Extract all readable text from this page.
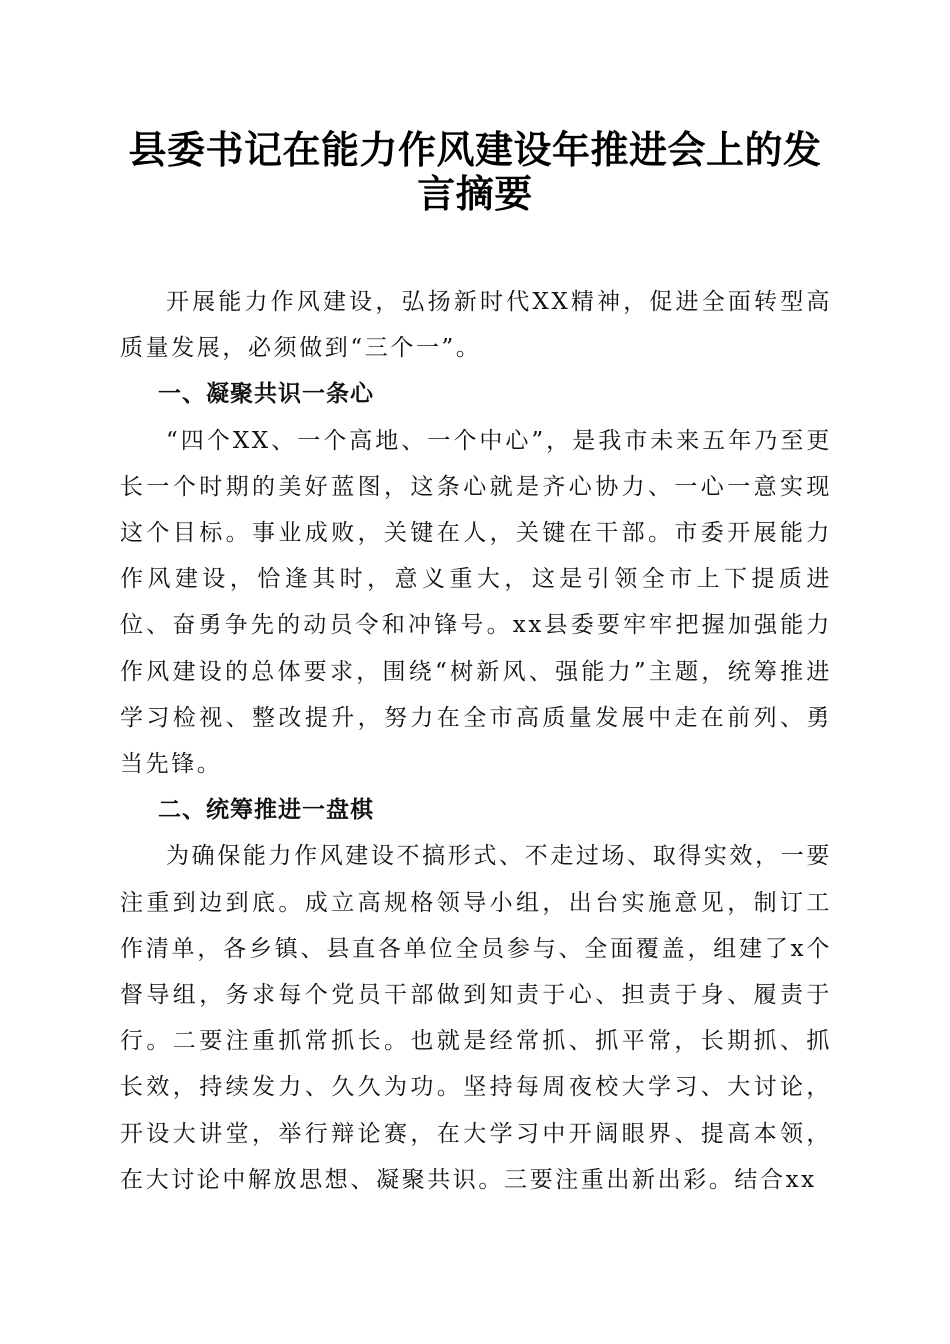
县委书记在能力作风建设年推进会上的发言摘要

开展能力作风建设，弘扬新时代XX精神，促进全面转型高质量发展，必须做到“三个一”。

一、凝聚共识一条心

“四个XX、一个高地、一个中心”，是我市未来五年乃至更长一个时期的美好蓝图，这条心就是齐心协力、一心一意实现这个目标。事业成败，关键在人，关键在干部。市委开展能力作风建设，恰逢其时，意义重大，这是引领全市上下提质进位、奋勇争先的动员令和冲锋号。xx县委要牢牢把握加强能力作风建设的总体要求，围绕“树新风、强能力”主题，统筹推进学习检视、整改提升，努力在全市高质量发展中走在前列、勇当先锋。

二、统筹推进一盘棋

为确保能力作风建设不搞形式、不走过场、取得实效，一要注重到边到底。成立高规格领导小组，出台实施意见，制订工作清单，各乡镇、县直各单位全员参与、全面覆盖，组建了x个督导组，务求每个党员干部做到知责于心、担责于身、履责于行。二要注重抓常抓长。也就是经常抓、抓平常，长期抓、抓长效，持续发力、久久为功。坚持每周夜校大学习、大讨论，开设大讲堂，举行辩论赛，在大学习中开阔眼界、提高本领，在大讨论中解放思想、凝聚共识。三要注重出新出彩。结合xx
